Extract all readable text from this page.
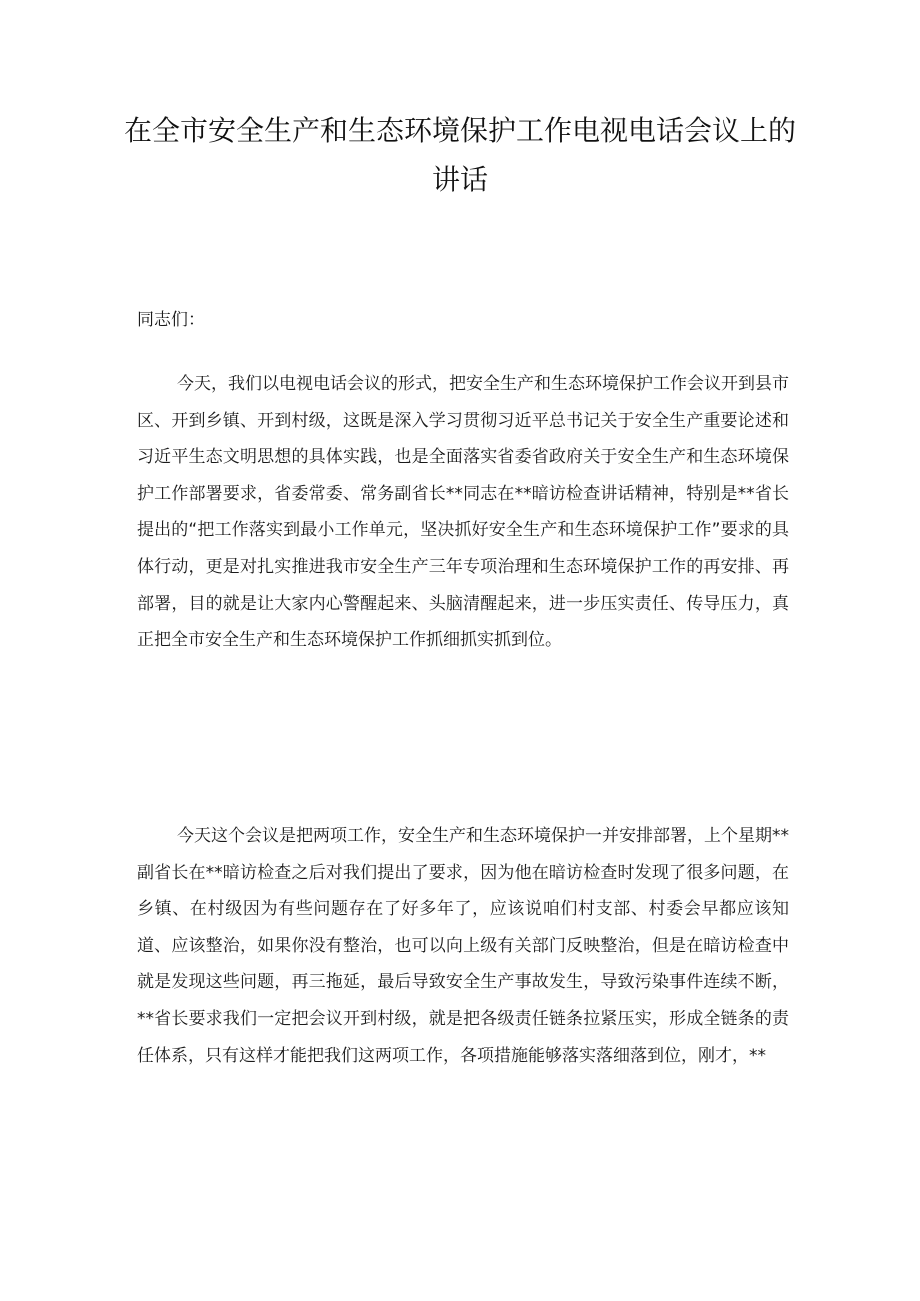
在全市安全生产和生态环境保护工作电视电话会议上的讲话

同志们：

今天，我们以电视电话会议的形式，把安全生产和生态环境保护工作会议开到县市区、开到乡镇、开到村级，这既是深入学习贯彻习近平总书记关于安全生产重要论述和习近平生态文明思想的具体实践，也是全面落实省委省政府关于安全生产和生态环境保护工作部署要求，省委常委、常务副省长**同志在**暗访检查讲话精神，特别是**省长提出的“把工作落实到最小工作单元，坚决抓好安全生产和生态环境保护工作”要求的具体行动，更是对扎实推进我市安全生产三年专项治理和生态环境保护工作的再安排、再部署，目的就是让大家内心警醒起来、头脑清醒起来，进一步压实责任、传导压力，真正把全市安全生产和生态环境保护工作抓细抓实抓到位。

今天这个会议是把两项工作，安全生产和生态环境保护一并安排部署，上个星期**副省长在**暗访检查之后对我们提出了要求，因为他在暗访检查时发现了很多问题，在乡镇、在村级因为有些问题存在了好多年了，应该说咱们村支部、村委会早都应该知道、应该整治，如果你没有整治，也可以向上级有关部门反映整治，但是在暗访检查中就是发现这些问题，再三拖延，最后导致安全生产事故发生，导致污染事件连续不断，**省长要求我们一定把会议开到村级，就是把各级责任链条拉紧压实，形成全链条的责任体系，只有这样才能把我们这两项工作，各项措施能够落实落细落到位，刚才，**
